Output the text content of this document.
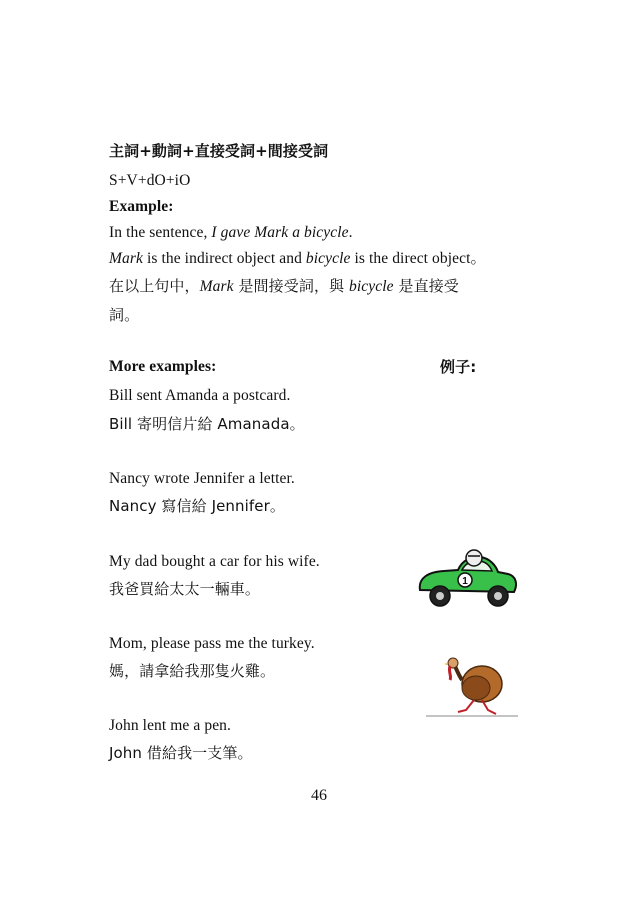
主詞+動詞+直接受詞+間接受詞
S+V+dO+iO
Example:
In the sentence, I gave Mark a bicycle.
Mark is the indirect object and bicycle is the direct object。
在以上句中，Mark 是間接受詞，與 bicycle 是直接受
詞。
More examples:	例子:
Bill sent Amanda a postcard.
Bill 寄明信片給 Amanada。
Nancy wrote Jennifer a letter.
Nancy 寫信給 Jennifer。
My dad bought a car for his wife.
我爸買給太太一輛車。
Mom, please pass me the turkey.
媽，請拿給我那隻火雞。
John lent me a pen.
John 借給我一支筆。
1
46
